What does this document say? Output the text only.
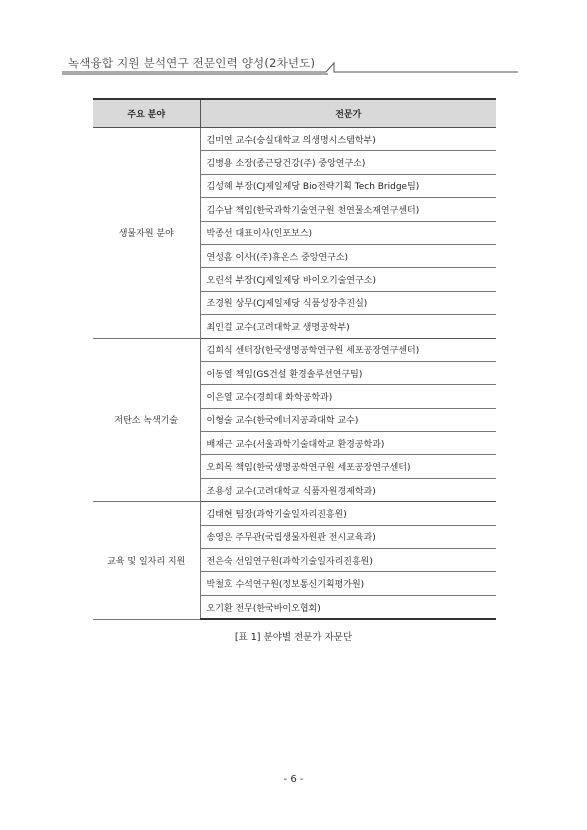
녹색융합 지원 분석연구 전문인력 양성(2차년도)
주요 분야	전문가
생물자원 분야	김미연 교수(숭실대학교 의생명시스템학부)
	김병용 소장(종근당건강(주) 중앙연구소)
	김성혜 부장(CJ제일제당 Bio전략기획 Tech Bridge팀)
	김수남 책임(한국과학기술연구원 천연물소재연구센터)
	박종선 대표이사(인포보스)
	연성흠 이사((주)휴온스 중앙연구소)
	오린석 부장(CJ제일제당 바이오기술연구소)
	조경원 상무(CJ제일제당 식품성장추진실)
	최인걸 교수(고려대학교 생명공학부)
저탄소 녹색기술	김희식 센터장(한국생명공학연구원 세포공장연구센터)
	이동열 책임(GS건설 환경솔루션연구팀)
	이은열 교수(경희대 화학공학과)
	이형술 교수(한국에너지공과대학 교수)
	배재근 교수(서울과학기술대학교 환경공학과)
	오희목 책임(한국생명공학연구원 세포공장연구센터)
	조용성 교수(고려대학교 식품자원경제학과)
교육 및 일자리 지원	김태현 팀장(과학기술일자리진흥원)
	송영은 주무관(국립생물자원관 전시교육과)
	전은숙 선임연구원(과학기술일자리진흥원)
	박철호 수석연구원(정보통신기획평가원)
	오기환 전무(한국바이오협회)
[표 1] 분야별 전문가 자문단
- 6 -
